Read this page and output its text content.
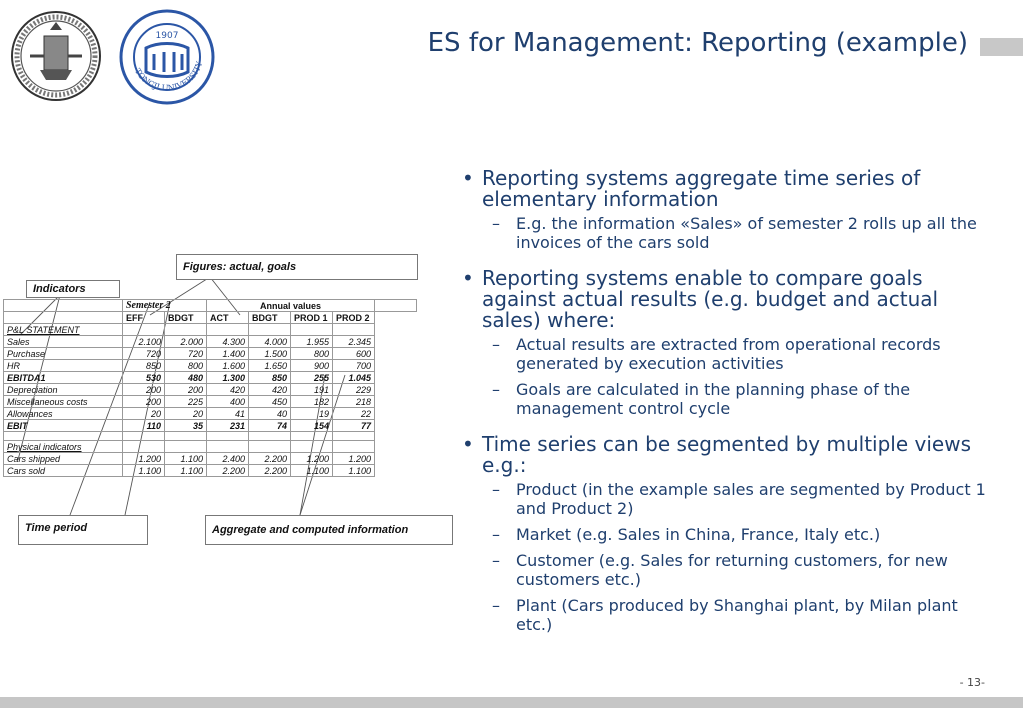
1907
TONGJI UNIVERSITY
ES for Management: Reporting (example)
Figures: actual, goals
Indicators
Time period	Aggregate and computed information
	Semester 2		Annual values				
	EFF	BDGT	ACT	BDGT	PROD 1	PROD 2	
P&L STATEMENT							
Sales	2.100	2.000	4.300	4.000	1.955	2.345	
Purchase	720	720	1.400	1.500	800	600	
HR	850	800	1.600	1.650	900	700	
EBITDA1	530	480	1.300	850	255	1.045	
Depreciation	200	200	420	420	191	229	
Miscellaneous costs	200	225	400	450	182	218	
Allowances	20	20	41	40	19	22	
EBIT	110	35	231	74	154	77	

Physical indicators							
Cars shipped	1.200	1.100	2.400	2.200	1.200	1.200	
Cars sold	1.100	1.100	2.200	2.200	1.100	1.100	
• Reporting systems aggregate time series of elementary information
–	E.g. the information «Sales» of semester 2 rolls up all the invoices of the cars sold
• Reporting systems enable to compare goals against actual results (e.g. budget and actual sales) where:
–	Actual results are extracted from operational records generated by execution activities
–	Goals are calculated in the planning phase of the management control cycle
• Time series can be segmented by multiple views e.g.:
–	Product (in the example sales are segmented by Product 1 and Product 2)
–	Market (e.g. Sales in China, France, Italy etc.)
–	Customer (e.g. Sales for returning customers, for new customers etc.)
–	Plant (Cars produced by Shanghai plant, by Milan plant etc.)
- 13-
